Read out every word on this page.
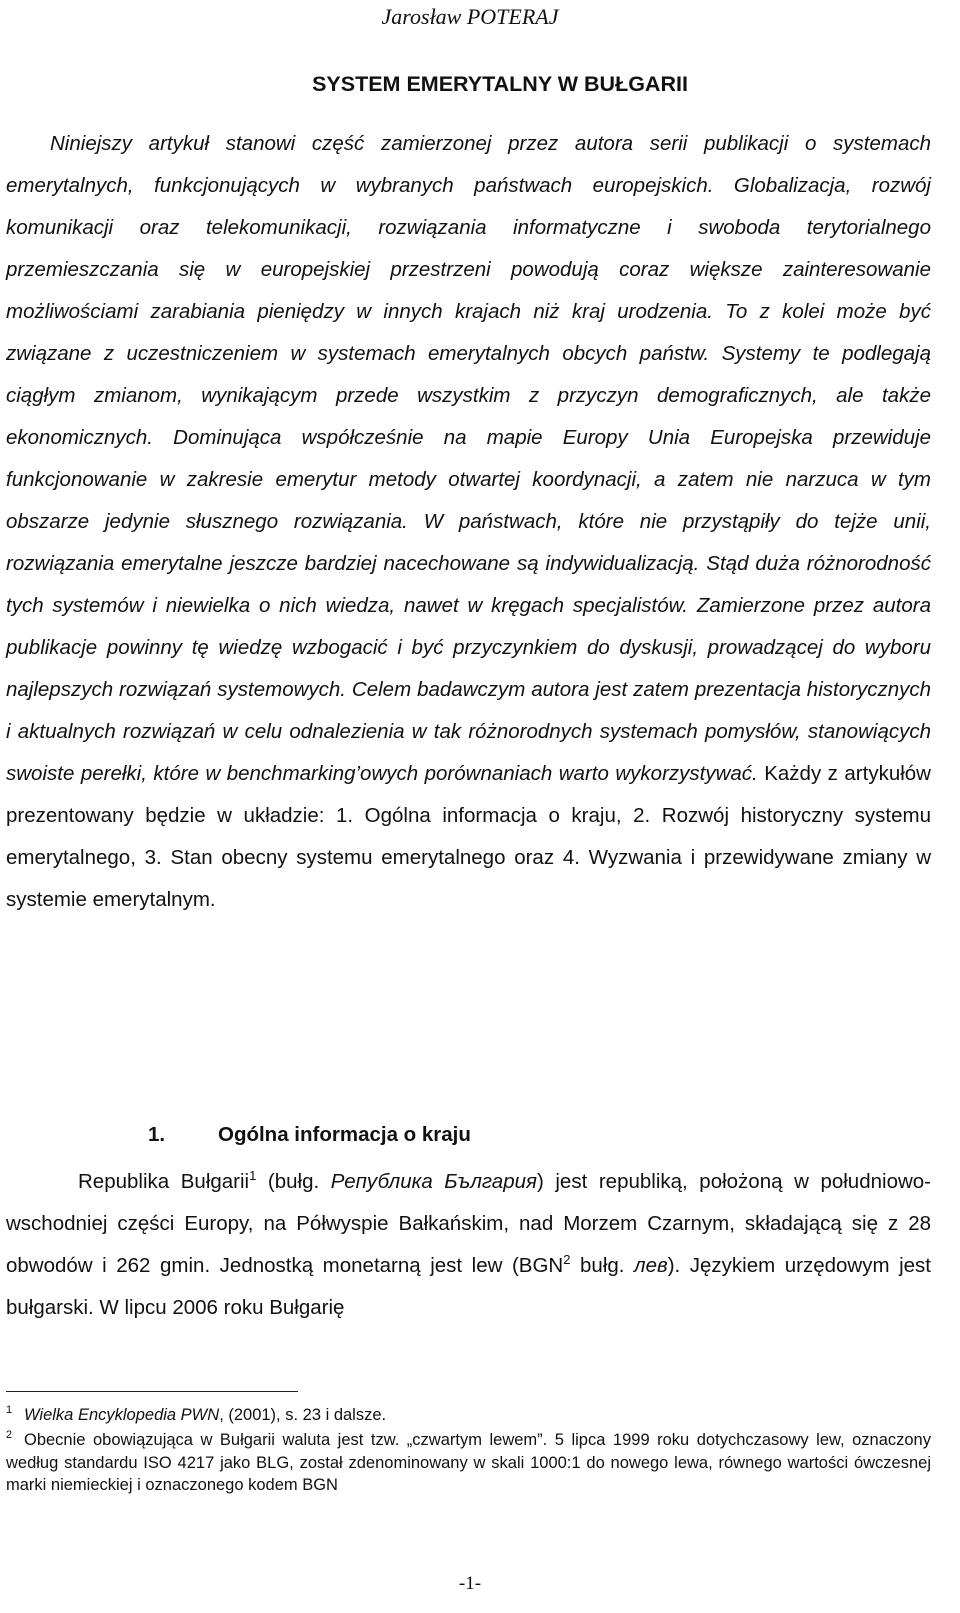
Jarosław POTERAJ
SYSTEM EMERYTALNY W BUŁGARII

Niniejszy artykuł stanowi część zamierzonej przez autora serii publikacji o systemach emerytalnych, funkcjonujących w wybranych państwach europejskich. Globalizacja, rozwój komunikacji oraz telekomunikacji, rozwiązania informatyczne i swoboda terytorialnego przemieszczania się w europejskiej przestrzeni powodują coraz większe zainteresowanie możliwościami zarabiania pieniędzy w innych krajach niż kraj urodzenia. To z kolei może być związane z uczestniczeniem w systemach emerytalnych obcych państw. Systemy te podlegają ciągłym zmianom, wynikającym przede wszystkim z przyczyn demograficznych, ale także ekonomicznych. Dominująca współcześnie na mapie Europy Unia Europejska przewiduje funkcjonowanie w zakresie emerytur metody otwartej koordynacji, a zatem nie narzuca w tym obszarze jedynie słusznego rozwiązania. W państwach, które nie przystąpiły do tejże unii, rozwiązania emerytalne jeszcze bardziej nacechowane są indywidualizacją. Stąd duża różnorodność tych systemów i niewielka o nich wiedza, nawet w kręgach specjalistów. Zamierzone przez autora publikacje powinny tę wiedzę wzbogacić i być przyczynkiem do dyskusji, prowadzącej do wyboru najlepszych rozwiązań systemowych. Celem badawczym autora jest zatem prezentacja historycznych i aktualnych rozwiązań w celu odnalezienia w tak różnorodnych systemach pomysłów, stanowiących swoiste perełki, które w benchmarking’owych porównaniach warto wykorzystywać. Każdy z artykułów prezentowany będzie w układzie: 1. Ogólna informacja o kraju, 2. Rozwój historyczny systemu emerytalnego, 3. Stan obecny systemu emerytalnego oraz 4. Wyzwania i przewidywane zmiany w systemie emerytalnym.

1.	Ogólna informacja o kraju

Republika Bułgarii$^1$ (bułg. Република България) jest republiką, położoną w południowo-wschodniej części Europy, na Półwyspie Bałkańskim, nad Morzem Czarnym, składającą się z 28 obwodów i 262 gmin. Jednostką monetarną jest lew (BGN$^2$ bułg. лев). Językiem urzędowym jest bułgarski. W lipcu 2006 roku Bułgarię

1 Wielka Encyklopedia PWN, (2001), s. 23 i dalsze.

2 Obecnie obowiązująca w Bułgarii waluta jest tzw. „czwartym lewem”. 5 lipca 1999 roku dotychczasowy lew, oznaczony według standardu ISO 4217 jako BLG, został zdenominowany w skali 1000:1 do nowego lewa, równego wartości ówczesnej marki niemieckiej i oznaczonego kodem BGN

-1-
